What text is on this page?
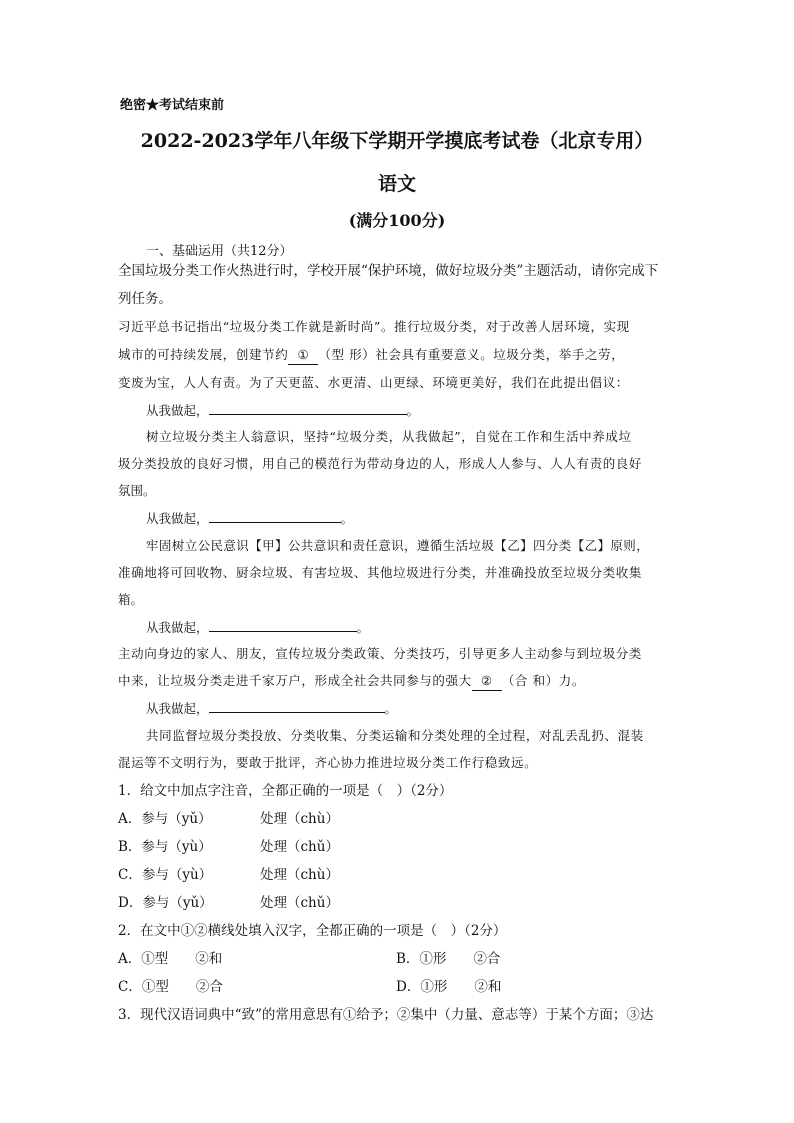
绝密★考试结束前
2022-2023学年八年级下学期开学摸底考试卷（北京专用）
语文
(满分100分)
一、基础运用（共12分）
全国垃圾分类工作火热进行时，学校开展“保护环境，做好垃圾分类”主题活动，请你完成下
列任务。
习近平总书记指出“垃圾分类工作就是新时尚”。推行垃圾分类，对于改善人居环境，实现
城市的可持续发展，创建节约 ① （型 形）社会具有重要意义。垃圾分类，举手之劳，
变废为宝，人人有责。为了天更蓝、水更清、山更绿、环境更美好，我们在此提出倡议：
从我做起，	。
树立垃圾分类主人翁意识，坚持“垃圾分类，从我做起”，自觉在工作和生活中养成垃
圾分类投放的良好习惯，用自己的模范行为带动身边的人，形成人人参与、人人有责的良好
氛围。
从我做起，	。
牢固树立公民意识【甲】公共意识和责任意识，遵循生活垃圾【乙】四分类【乙】原则，
准确地将可回收物、厨余垃圾、有害垃圾、其他垃圾进行分类，并准确投放至垃圾分类收集
箱。
从我做起，	。
主动向身边的家人、朋友，宣传垃圾分类政策、分类技巧，引导更多人主动参与到垃圾分类
中来，让垃圾分类走进千家万户，形成全社会共同参与的强大 ② （合 和）力。
从我做起，	。
共同监督垃圾分类投放、分类收集、分类运输和分类处理的全过程，对乱丢乱扔、混装
混运等不文明行为，要敢于批评，齐心协力推进垃圾分类工作行稳致远。
1．给文中加点字注音，全都正确的一项是（　）（2分）
A．参与（yǔ）	处理（chù）
B．参与（yù）	处理（chǔ）
C．参与（yù）	处理（chù）
D．参与（yǔ）	处理（chǔ）
2．在文中①②横线处填入汉字，全都正确的一项是（　）（2分）
A．①型　　②和	B．①形　　②合
C．①型　　②合	D．①形　　②和
3．现代汉语词典中“致”的常用意思有①给予；②集中（力量、意志等）于某个方面；③达
